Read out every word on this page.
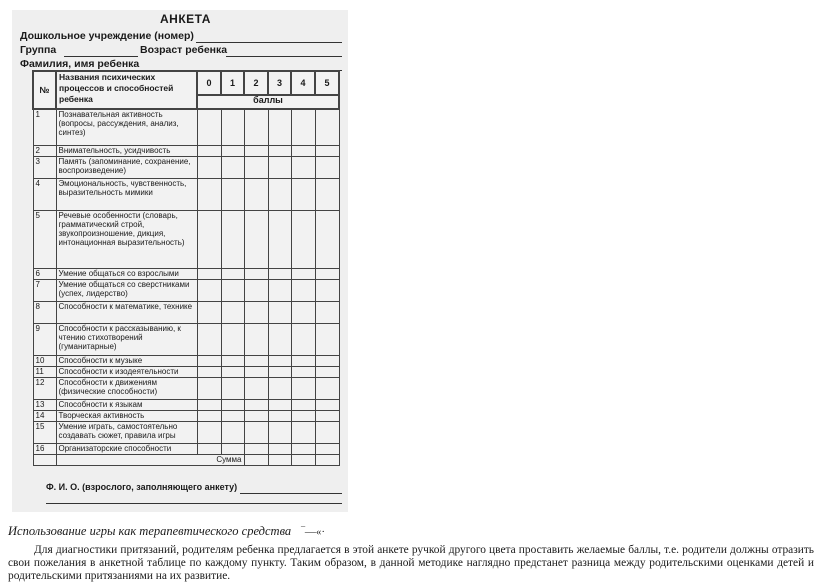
АНКЕТА
Дошкольное учреждение (номер)
Группа	Возраст ребенка
Фамилия, имя ребенка
№	Названия психических процессов и способностей ребенка	0	1	2	3	4	5
		баллы					
1	Познавательная активность (вопросы, рассуждения, анализ, синтез)						
2	Внимательность, усидчивость						
3	Память (запоминание, сохранение, воспроизведение)						
4	Эмоциональность, чувственность, выразительность мимики						
5	Речевые особенности (словарь, грамматический строй, звукопроизношение, дикция, интонационная выразительность)						
6	Умение общаться со взрослыми						
7	Умение общаться со сверстниками (успех, лидерство)						
8	Способности к математике, технике						
9	Способности к рассказыванию, к чтению стихотворений (гуманитарные)						
10	Способности к музыке						
11	Способности к изодеятельности						
12	Способности к движениям (физические способности)						
13	Способности к языкам						
14	Творческая активность						
15	Умение играть, самостоятельно создавать сюжет, правила игры						
16	Организаторские способности						
	Сумма						
Ф. И. О. (взрослого, заполняющего анкету)
Использование игры как терапевтического средства ‾—«·
Для диагностики притязаний, родителям ребенка предлагается в этой анкете ручкой другого цвета проставить желаемые баллы, т.е. родители должны отразить свои пожелания в анкетной таблице по каждому пункту. Таким образом, в данной методике наглядно предстанет разница между родительскими оценками детей и родительскими притязаниями на их развитие.
